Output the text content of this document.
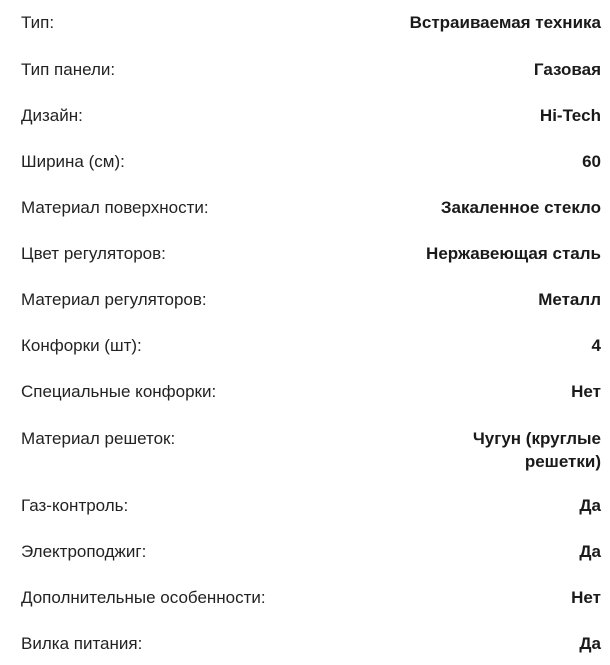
Тип:	Встраиваемая техника
Тип панели:	Газовая
Дизайн:	Hi-Tech
Ширина (см):	60
Материал поверхности:	Закаленное стекло
Цвет регуляторов:	Нержавеющая сталь
Материал регуляторов:	Металл
Конфорки (шт):	4
Специальные конфорки:	Нет
Материал решеток:	Чугун (круглые решетки)
Газ-контроль:	Да
Электроподжиг:	Да
Дополнительные особенности:	Нет
Вилка питания:	Да
